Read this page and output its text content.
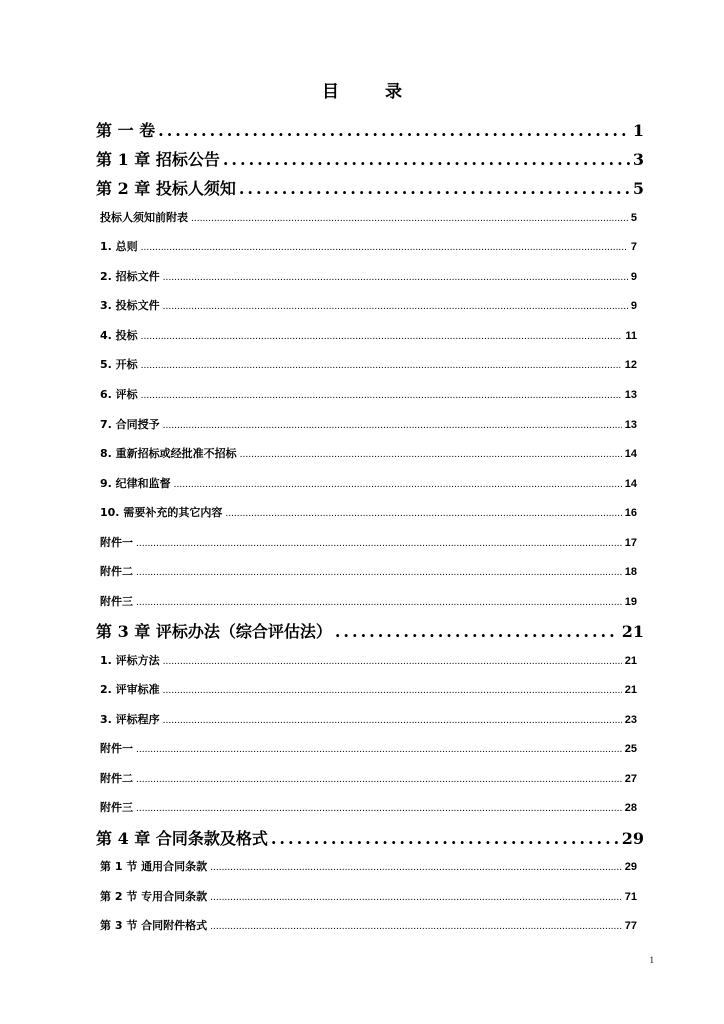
目 录
第 一 卷 .....	1
第 1 章 招标公告 .....	3
第 2 章 投标人须知 .....	5
投标人须知前附表 .....	5
1. 总则 .....	7
2. 招标文件 .....	9
3. 投标文件 .....	9
4. 投标 .....	11
5. 开标 .....	12
6. 评标 .....	13
7. 合同授予 .....	13
8. 重新招标或经批准不招标 .....	14
9. 纪律和监督 .....	14
10. 需要补充的其它内容 .....	16
附件一 .....	17
附件二 .....	18
附件三 .....	19
第 3 章 评标办法（综合评估法） .....	21
1. 评标方法 .....	21
2. 评审标准 .....	21
3. 评标程序 .....	23
附件一 .....	25
附件二 .....	27
附件三 .....	28
第 4 章 合同条款及格式 .....	29
第 1 节 通用合同条款 .....	29
第 2 节 专用合同条款 .....	71
第 3 节 合同附件格式 .....	77
1
